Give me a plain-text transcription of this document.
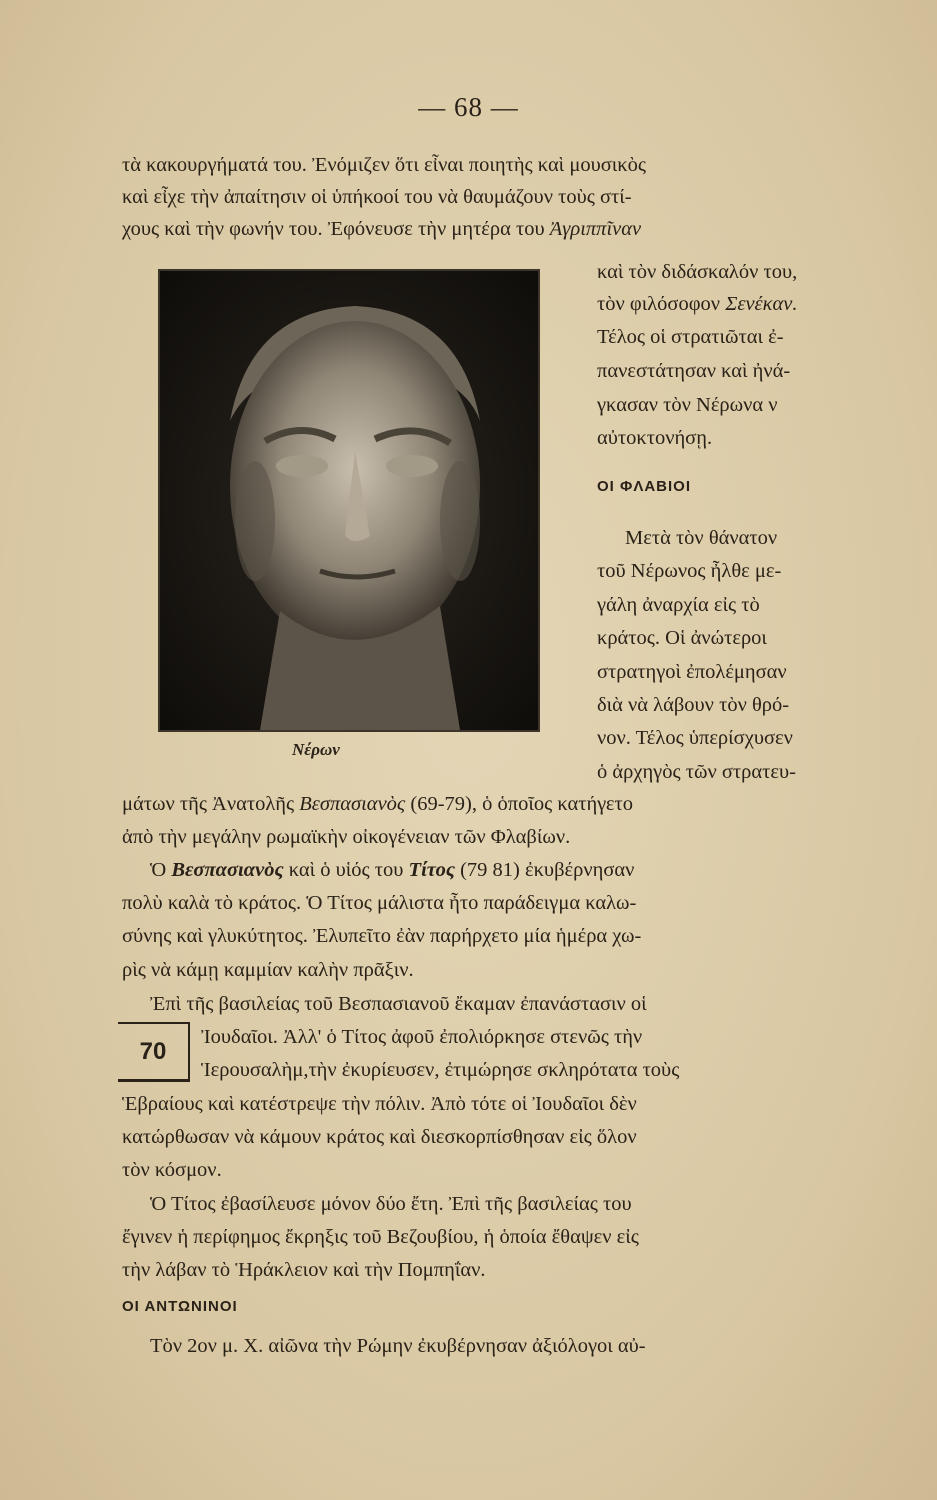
— 68 —
τὰ κακουργήματά του. Ἐνόμιζεν ὅτι εἶναι ποιητὴς καὶ μουσικὸς
καὶ εἶχε τὴν ἀπαίτησιν οἱ ὑπήκοοί του νὰ θαυμάζουν τοὺς στί-
χους καὶ τὴν φωνήν του. Ἐφόνευσε τὴν μητέρα του Ἀγριππῖναν
Νέρων
καὶ τὸν διδάσκαλόν του,
τὸν φιλόσοφον Σενέκαν.
Τέλος οἱ στρατιῶται ἐ-
πανεστάτησαν καὶ ἠνά-
γκασαν τὸν Νέρωνα ν
αὐτοκτονήσῃ.
ΟΙ ΦΛΑΒΙΟΙ
Μετὰ τὸν θάνατον
τοῦ Νέρωνος ἦλθε με-
γάλη ἀναρχία εἰς τὸ
κράτος. Οἱ ἀνώτεροι
στρατηγοὶ ἐπολέμησαν
διὰ νὰ λάβουν τὸν θρό-
νον. Τέλος ὑπερίσχυσεν
ὁ ἀρχηγὸς τῶν στρατευ-
μάτων τῆς Ἀνατολῆς Βεσπασιανὸς (69-79), ὁ ὁποῖος κατήγετο
ἀπὸ τὴν μεγάλην ρωμαϊκὴν οἰκογένειαν τῶν Φλαβίων.
Ὁ Βεσπασιανὸς καὶ ὁ υἱός του Τίτος (79 81) ἐκυβέρνησαν
πολὺ καλὰ τὸ κράτος. Ὁ Τίτος μάλιστα ἦτο παράδειγμα καλω-
σύνης καὶ γλυκύτητος. Ἐλυπεῖτο ἐὰν παρήρχετο μία ἡμέρα χω-
ρὶς νὰ κάμῃ καμμίαν καλὴν πρᾶξιν.
Ἐπὶ τῆς βασιλείας τοῦ Βεσπασιανοῦ ἔκαμαν ἐπανάστασιν οἱ
70
Ἰουδαῖοι. Ἀλλ' ὁ Τίτος ἀφοῦ ἐπολιόρκησε στενῶς τὴν
Ἱερουσαλὴμ,τὴν ἐκυρίευσεν, ἐτιμώρησε σκληρότατα τοὺς
Ἑβραίους καὶ κατέστρεψε τὴν πόλιν. Ἀπὸ τότε οἱ Ἰουδαῖοι δὲν
κατώρθωσαν νὰ κάμουν κράτος καὶ διεσκορπίσθησαν εἰς ὅλον
τὸν κόσμον.
Ὁ Τίτος ἐβασίλευσε μόνον δύο ἔτη. Ἐπὶ τῆς βασιλείας του
ἔγινεν ἡ περίφημος ἔκρηξις τοῦ Βεζουβίου, ἡ ὁποία ἔθαψεν εἰς
τὴν λάβαν τὸ Ἡράκλειον καὶ τὴν Πομπηΐαν.
ΟΙ ΑΝΤΩΝΙΝΟΙ
Τὸν 2ον μ. Χ. αἰῶνα τὴν Ρώμην ἐκυβέρνησαν ἀξιόλογοι αὐ-
